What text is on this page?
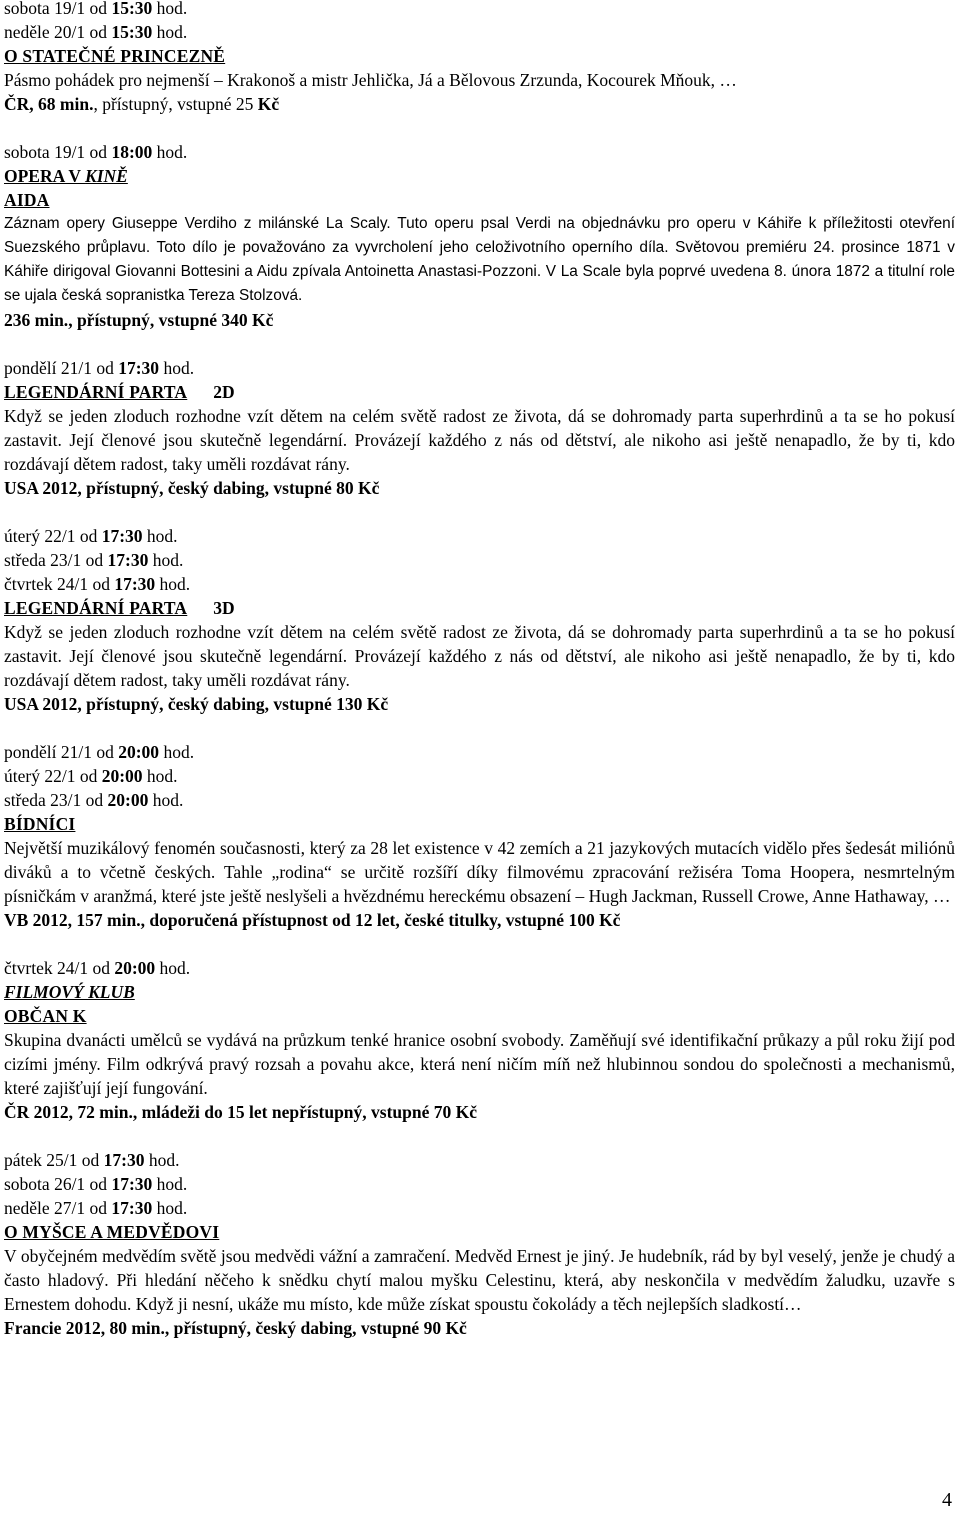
sobota 19/1 od 15:30 hod.
neděle 20/1 od 15:30 hod.
O STATEČNÉ PRINCEZNĚ
Pásmo pohádek pro nejmenší – Krakonoš a mistr Jehlička, Já a Bělovous Zrzunda, Kocourek Mňouk, …
ČR, 68 min., přístupný, vstupné 25 Kč
sobota 19/1 od 18:00 hod.
OPERA V KINĚ
AIDA

Záznam opery Giuseppe Verdiho z milánské La Scaly. Tuto operu psal Verdi na objednávku pro operu v Káhiře k příležitosti otevření Suezského průplavu. Toto dílo je považováno za vyvrcholení jeho celoživotního operního díla. Světovou premiéru 24. prosince 1871 v Káhiře dirigoval Giovanni Bottesini a Aidu zpívala Antoinetta Anastasi-Pozzoni. V La Scale byla poprvé uvedena 8. února 1872 a titulní role se ujala česká sopranistka Tereza Stolzová.

236 min., přístupný, vstupné 340 Kč
pondělí 21/1 od 17:30 hod.
LEGENDÁRNÍ PARTA 2D

Když se jeden zloduch rozhodne vzít dětem na celém světě radost ze života, dá se dohromady parta superhrdinů a ta se ho pokusí zastavit. Její členové jsou skutečně legendární. Provázejí každého z nás od dětství, ale nikoho asi ještě nenapadlo, že by ti, kdo rozdávají dětem radost, taky uměli rozdávat rány.

USA 2012, přístupný, český dabing, vstupné 80 Kč

úterý 22/1 od 17:30 hod.
středa 23/1 od 17:30 hod.
čtvrtek 24/1 od 17:30 hod.
LEGENDÁRNÍ PARTA 3D

Když se jeden zloduch rozhodne vzít dětem na celém světě radost ze života, dá se dohromady parta superhrdinů a ta se ho pokusí zastavit. Její členové jsou skutečně legendární. Provázejí každého z nás od dětství, ale nikoho asi ještě nenapadlo, že by ti, kdo rozdávají dětem radost, taky uměli rozdávat rány.

USA 2012, přístupný, český dabing, vstupné 130 Kč

pondělí 21/1 od 20:00 hod.
úterý 22/1 od 20:00 hod.
středa 23/1 od 20:00 hod.
BÍDNÍCI

Největší muzikálový fenomén současnosti, který za 28 let existence v 42 zemích a 21 jazykových mutacích vidělo přes šedesát miliónů diváků a to včetně českých. Tahle „rodina“ se určitě rozšíří díky filmovému zpracování režiséra Toma Hoopera, nesmrtelným písničkám v aranžmá, které jste ještě neslyšeli a hvězdnému hereckému obsazení – Hugh Jackman, Russell Crowe, Anne Hathaway, …

VB 2012, 157 min., doporučená přístupnost od 12 let, české titulky, vstupné 100 Kč

čtvrtek 24/1 od 20:00 hod.
FILMOVÝ KLUB
OBČAN K

Skupina dvanácti umělců se vydává na průzkum tenké hranice osobní svobody. Zaměňují své identifikační průkazy a půl roku žijí pod cizími jmény. Film odkrývá pravý rozsah a povahu akce, která není ničím míň než hlubinnou sondou do společnosti a mechanismů, které zajišťují její fungování.

ČR 2012, 72 min., mládeži do 15 let nepřístupný, vstupné 70 Kč

pátek 25/1 od 17:30 hod.
sobota 26/1 od 17:30 hod.
neděle 27/1 od 17:30 hod.
O MYŠCE A MEDVĚDOVI

V obyčejném medvědím světě jsou medvědi vážní a zamračení. Medvěd Ernest je jiný. Je hudebník, rád by byl veselý, jenže je chudý a často hladový. Při hledání něčeho k snědku chytí malou myšku Celestinu, která, aby neskončila v medvědím žaludku, uzavře s Ernestem dohodu. Když ji nesní, ukáže mu místo, kde může získat spoustu čokolády a těch nejlepších sladkostí…

Francie 2012, 80 min., přístupný, český dabing, vstupné 90 Kč

4
